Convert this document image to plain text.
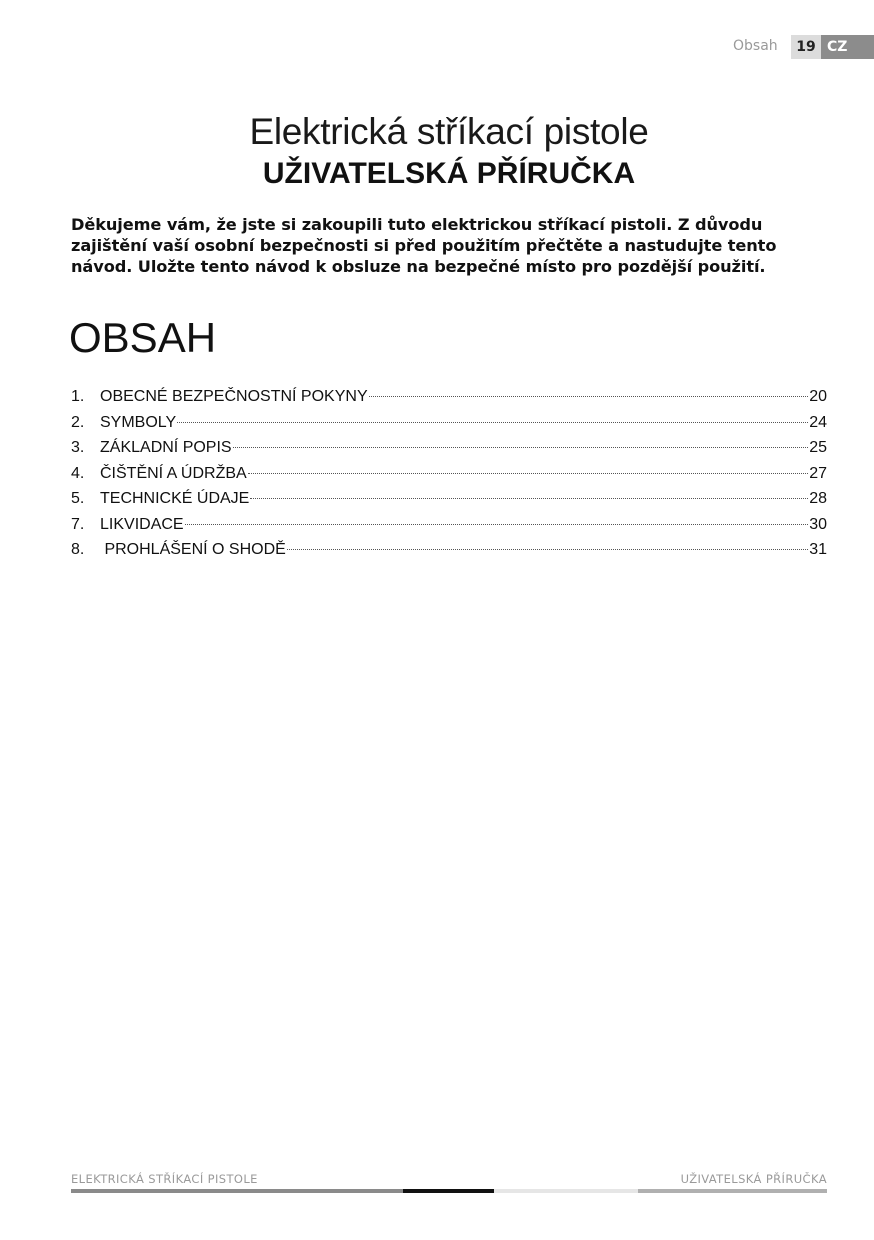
Obsah	19 CZ
Elektrická stříkací pistole
UŽIVATELSKÁ PŘÍRUČKA
Děkujeme vám, že jste si zakoupili tuto elektrickou stříkací pistoli. Z důvodu zajištění vaší osobní bezpečnosti si před použitím přečtěte a nastudujte tento návod. Uložte tento návod k obsluze na bezpečné místo pro pozdější použití.
OBSAH
1. OBECNÉ BEZPEČNOSTNÍ POKYNY	20
2. SYMBOLY	24
3. ZÁKLADNÍ POPIS	25
4. ČIŠTĚNÍ A ÚDRŽBA	27
5. TECHNICKÉ ÚDAJE	28
7. LIKVIDACE	30
8. PROHLÁŠENÍ O SHODĚ	31
ELEKTRICKÁ STŘÍKACÍ PISTOLE	UŽIVATELSKÁ PŘÍRUČKA
